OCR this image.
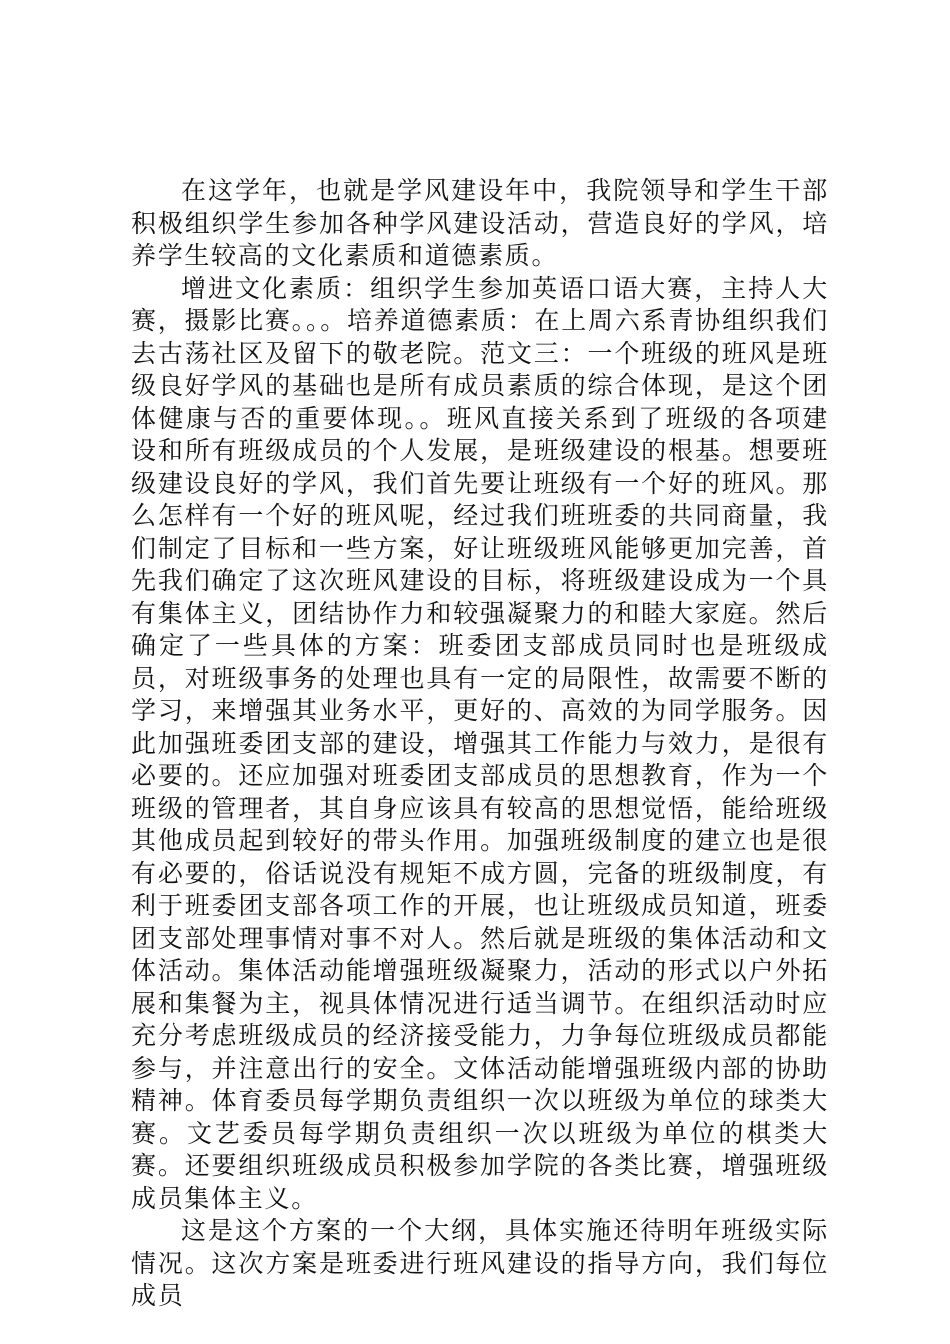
在这学年，也就是学风建设年中，我院领导和学生干部积极组织学生参加各种学风建设活动，营造良好的学风，培养学生较高的文化素质和道德素质。

增进文化素质：组织学生参加英语口语大赛，主持人大赛，摄影比赛。。。培养道德素质：在上周六系青协组织我们去古荡社区及留下的敬老院。范文三：一个班级的班风是班级良好学风的基础也是所有成员素质的综合体现，是这个团体健康与否的重要体现。。班风直接关系到了班级的各项建设和所有班级成员的个人发展，是班级建设的根基。想要班级建设良好的学风，我们首先要让班级有一个好的班风。那么怎样有一个好的班风呢，经过我们班班委的共同商量，我们制定了目标和一些方案，好让班级班风能够更加完善，首先我们确定了这次班风建设的目标，将班级建设成为一个具有集体主义，团结协作力和较强凝聚力的和睦大家庭。然后确定了一些具体的方案：班委团支部成员同时也是班级成员，对班级事务的处理也具有一定的局限性，故需要不断的学习，来增强其业务水平，更好的、高效的为同学服务。因此加强班委团支部的建设，增强其工作能力与效力，是很有必要的。还应加强对班委团支部成员的思想教育，作为一个班级的管理者，其自身应该具有较高的思想觉悟，能给班级其他成员起到较好的带头作用。加强班级制度的建立也是很有必要的，俗话说没有规矩不成方圆，完备的班级制度，有利于班委团支部各项工作的开展，也让班级成员知道，班委团支部处理事情对事不对人。然后就是班级的集体活动和文体活动。集体活动能增强班级凝聚力，活动的形式以户外拓展和集餐为主，视具体情况进行适当调节。在组织活动时应充分考虑班级成员的经济接受能力，力争每位班级成员都能参与，并注意出行的安全。文体活动能增强班级内部的协助精神。体育委员每学期负责组织一次以班级为单位的球类大赛。文艺委员每学期负责组织一次以班级为单位的棋类大赛。还要组织班级成员积极参加学院的各类比赛，增强班级成员集体主义。

这是这个方案的一个大纲，具体实施还待明年班级实际情况。这次方案是班委进行班风建设的指导方向，我们每位成员
